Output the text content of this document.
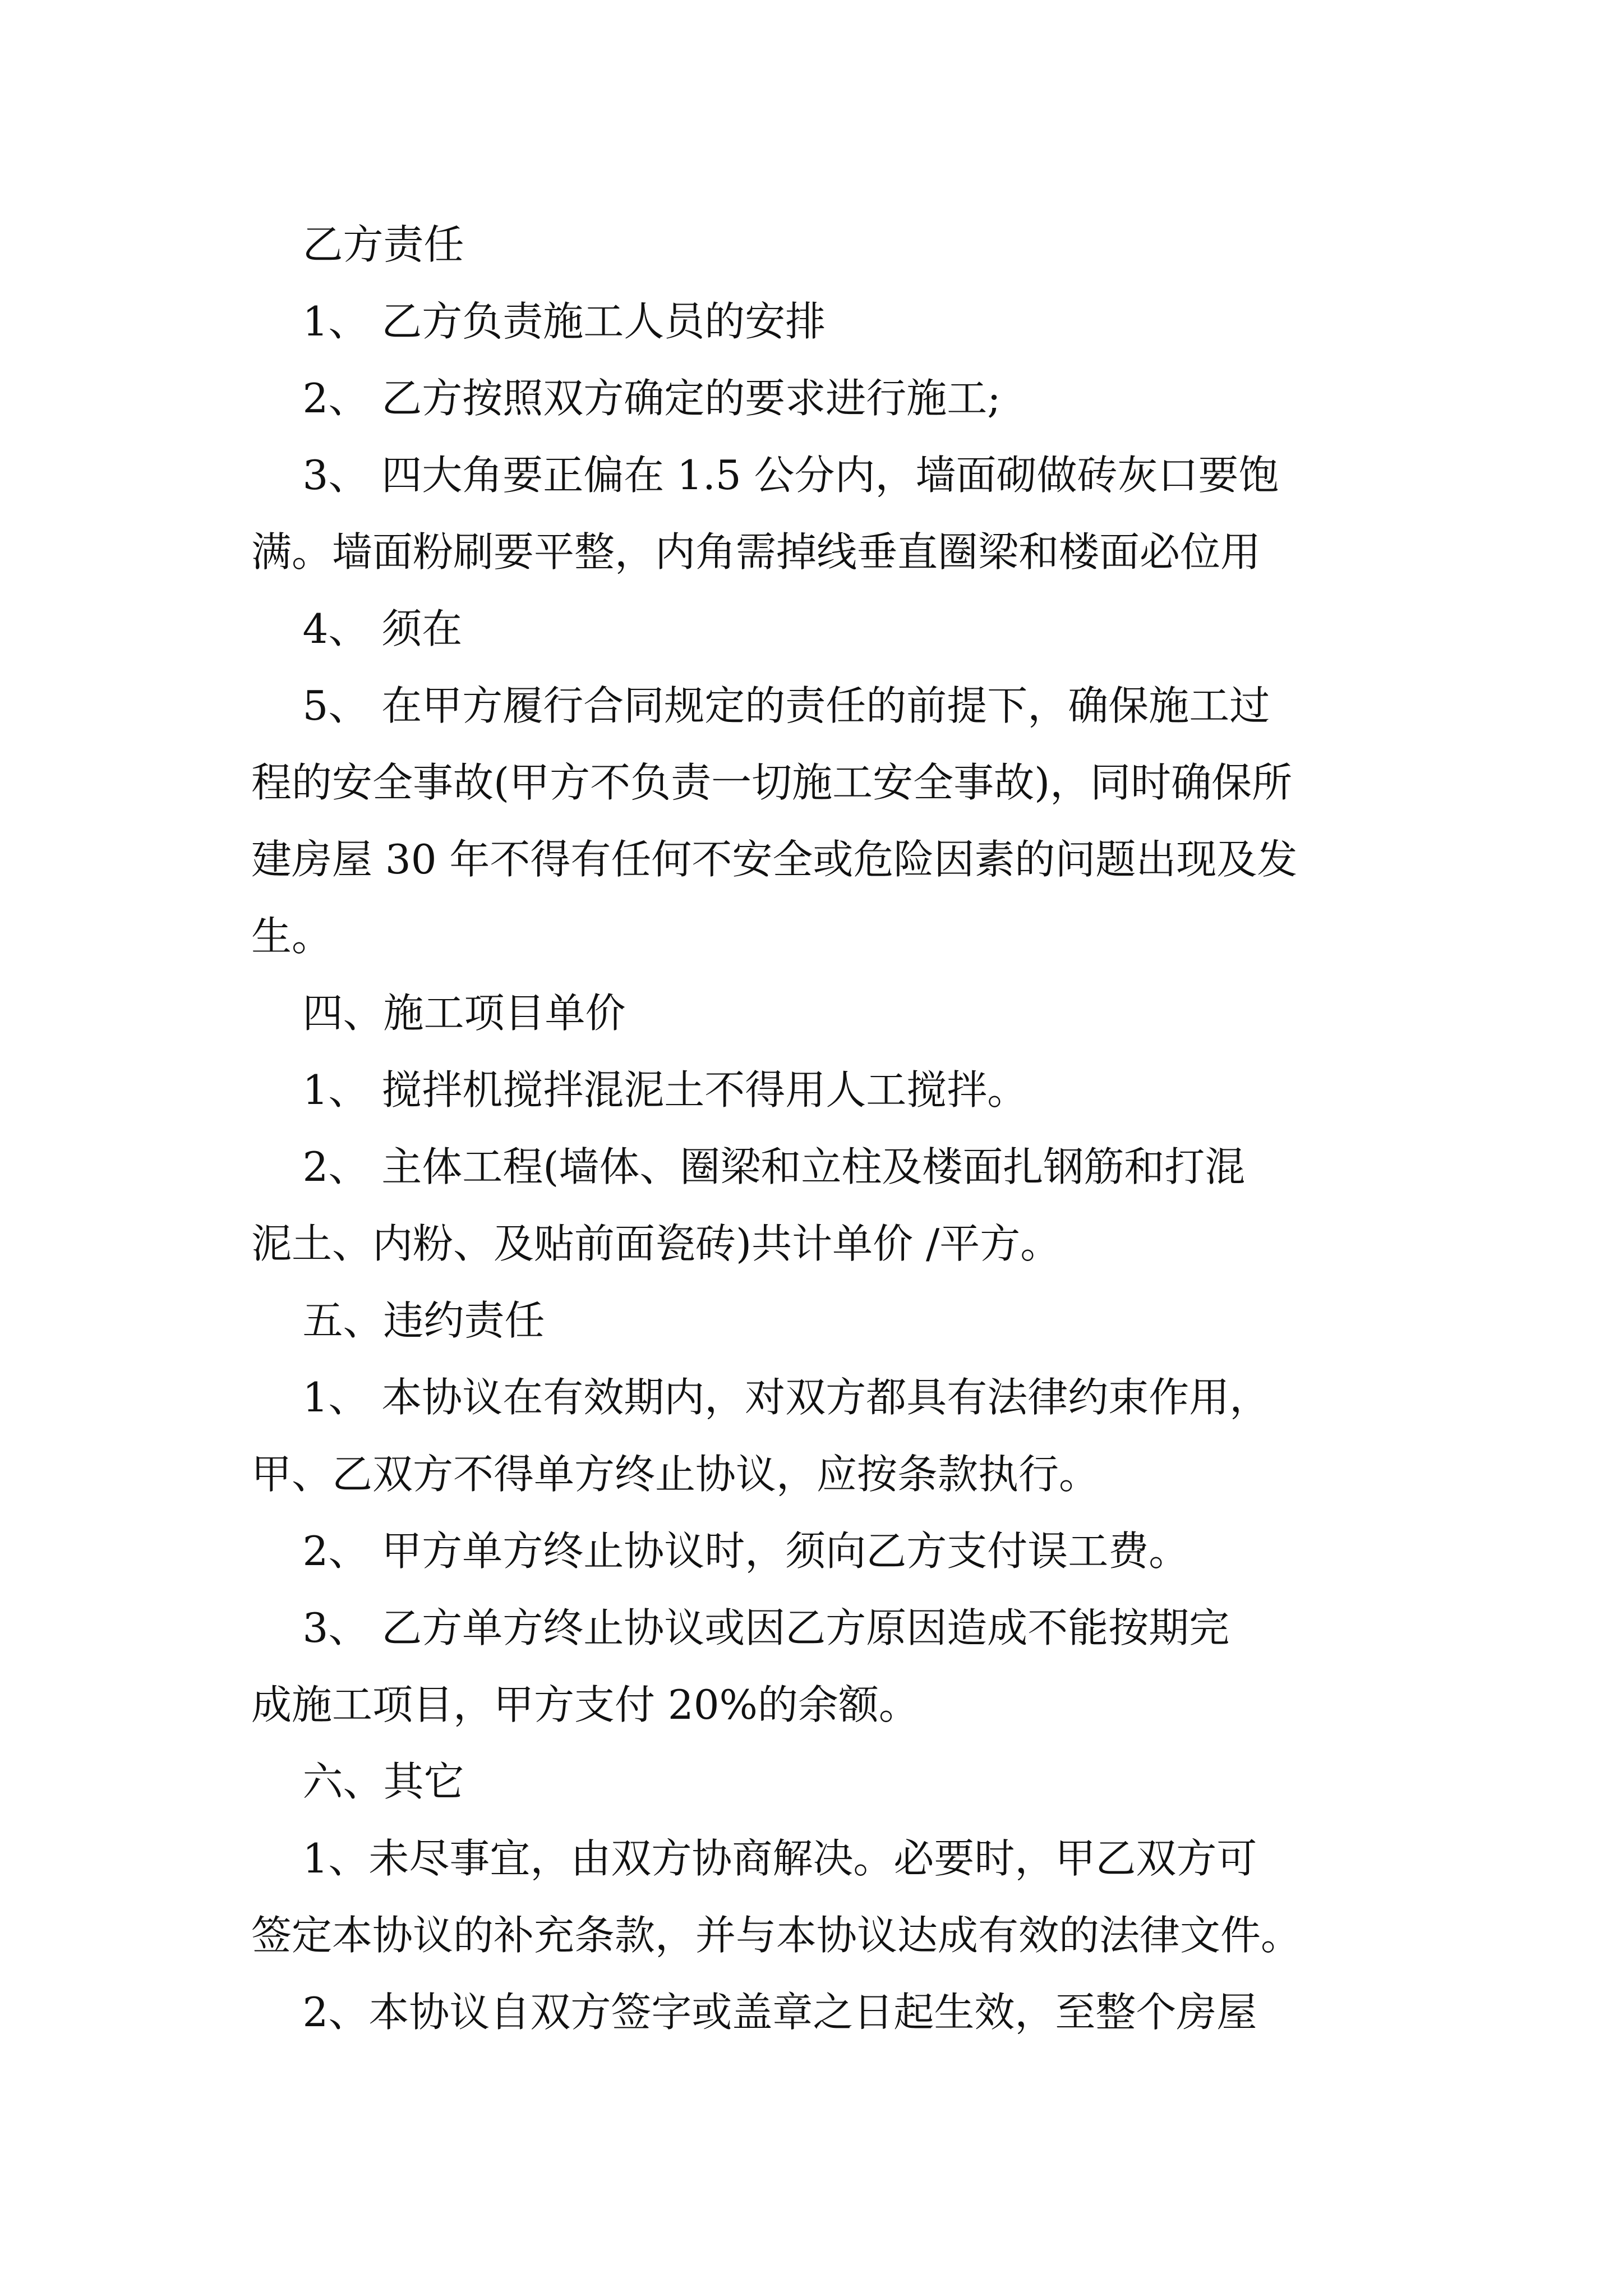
乙方责任
1、 乙方负责施工人员的安排
2、 乙方按照双方确定的要求进行施工;
3、 四大角要正偏在 1.5 公分内，墙面砌做砖灰口要饱
满。墙面粉刷要平整，内角需掉线垂直圈梁和楼面必位用
4、 须在
5、 在甲方履行合同规定的责任的前提下，确保施工过
程的安全事故(甲方不负责一切施工安全事故)，同时确保所
建房屋 30 年不得有任何不安全或危险因素的问题出现及发
生。
四、施工项目单价
1、 搅拌机搅拌混泥土不得用人工搅拌。
2、 主体工程(墙体、圈梁和立柱及楼面扎钢筋和打混
泥土、内粉、及贴前面瓷砖)共计单价 /平方。
五、违约责任
1、 本协议在有效期内，对双方都具有法律约束作用，
甲、乙双方不得单方终止协议，应按条款执行。
2、 甲方单方终止协议时，须向乙方支付误工费。
3、 乙方单方终止协议或因乙方原因造成不能按期完
成施工项目，甲方支付 20%的余额。
六、其它
1、未尽事宜，由双方协商解决。必要时，甲乙双方可
签定本协议的补充条款，并与本协议达成有效的法律文件。
2、本协议自双方签字或盖章之日起生效，至整个房屋
